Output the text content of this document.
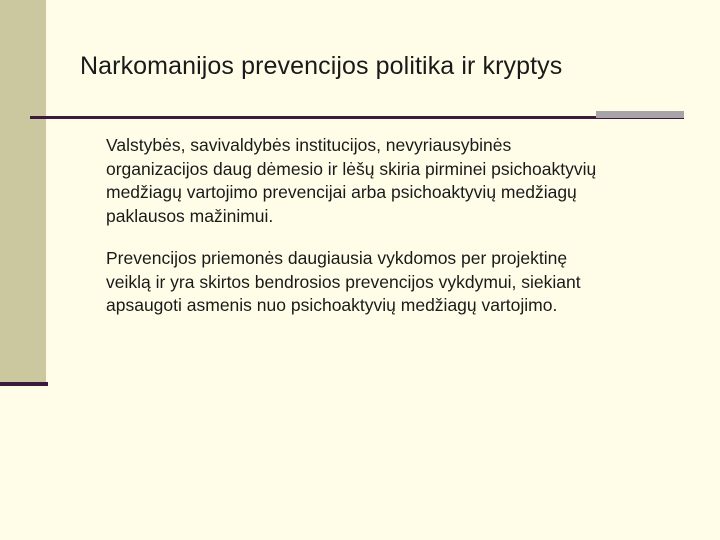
Narkomanijos prevencijos politika ir kryptys

Valstybės, savivaldybės institucijos, nevyriausybinės
organizacijos daug dėmesio ir lėšų skiria pirminei psichoaktyvių
medžiagų vartojimo prevencijai arba psichoaktyvių medžiagų
paklausos mažinimui.

Prevencijos priemonės daugiausia vykdomos per projektinę
veiklą ir yra skirtos bendrosios prevencijos vykdymui, siekiant
apsaugoti asmenis nuo psichoaktyvių medžiagų vartojimo.
